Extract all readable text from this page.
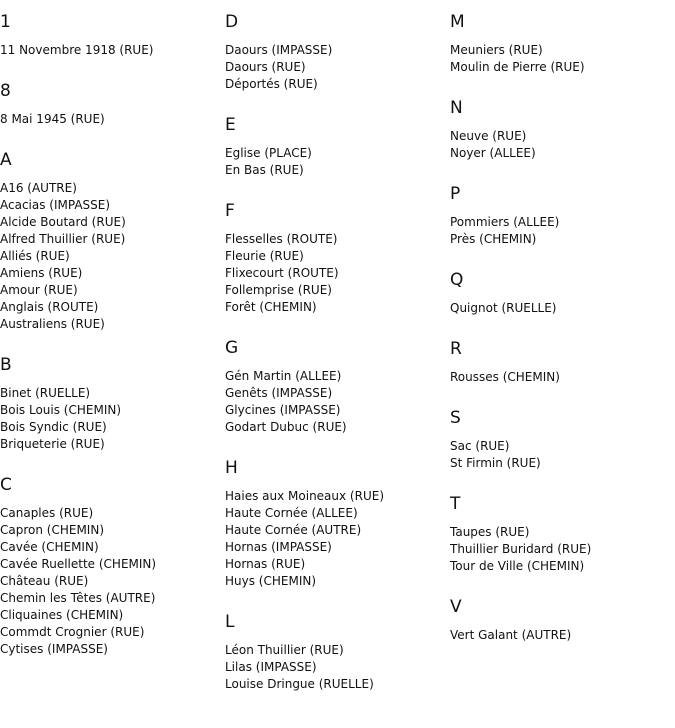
1
11 Novembre 1918 (RUE)
8
8 Mai 1945 (RUE)
A
A16 (AUTRE)
Acacias (IMPASSE)
Alcide Boutard (RUE)
Alfred Thuillier (RUE)
Alliés (RUE)
Amiens (RUE)
Amour (RUE)
Anglais (ROUTE)
Australiens (RUE)
B
Binet (RUELLE)
Bois Louis (CHEMIN)
Bois Syndic (RUE)
Briqueterie (RUE)
C
Canaples (RUE)
Capron (CHEMIN)
Cavée (CHEMIN)
Cavée Ruellette (CHEMIN)
Château (RUE)
Chemin les Têtes (AUTRE)
Cliquaines (CHEMIN)
Commdt Crognier (RUE)
Cytises (IMPASSE)
D
Daours (IMPASSE)
Daours (RUE)
Déportés (RUE)
E
Eglise (PLACE)
En Bas (RUE)
F
Flesselles (ROUTE)
Fleurie (RUE)
Flixecourt (ROUTE)
Follemprise (RUE)
Forêt (CHEMIN)
G
Gén Martin (ALLEE)
Genêts (IMPASSE)
Glycines (IMPASSE)
Godart Dubuc (RUE)
H
Haies aux Moineaux (RUE)
Haute Cornée (ALLEE)
Haute Cornée (AUTRE)
Hornas (IMPASSE)
Hornas (RUE)
Huys (CHEMIN)
L
Léon Thuillier (RUE)
Lilas (IMPASSE)
Louise Dringue (RUELLE)
M
Meuniers (RUE)
Moulin de Pierre (RUE)
N
Neuve (RUE)
Noyer (ALLEE)
P
Pommiers (ALLEE)
Près (CHEMIN)
Q
Quignot (RUELLE)
R
Rousses (CHEMIN)
S
Sac (RUE)
St Firmin (RUE)
T
Taupes (RUE)
Thuillier Buridard (RUE)
Tour de Ville (CHEMIN)
V
Vert Galant (AUTRE)
